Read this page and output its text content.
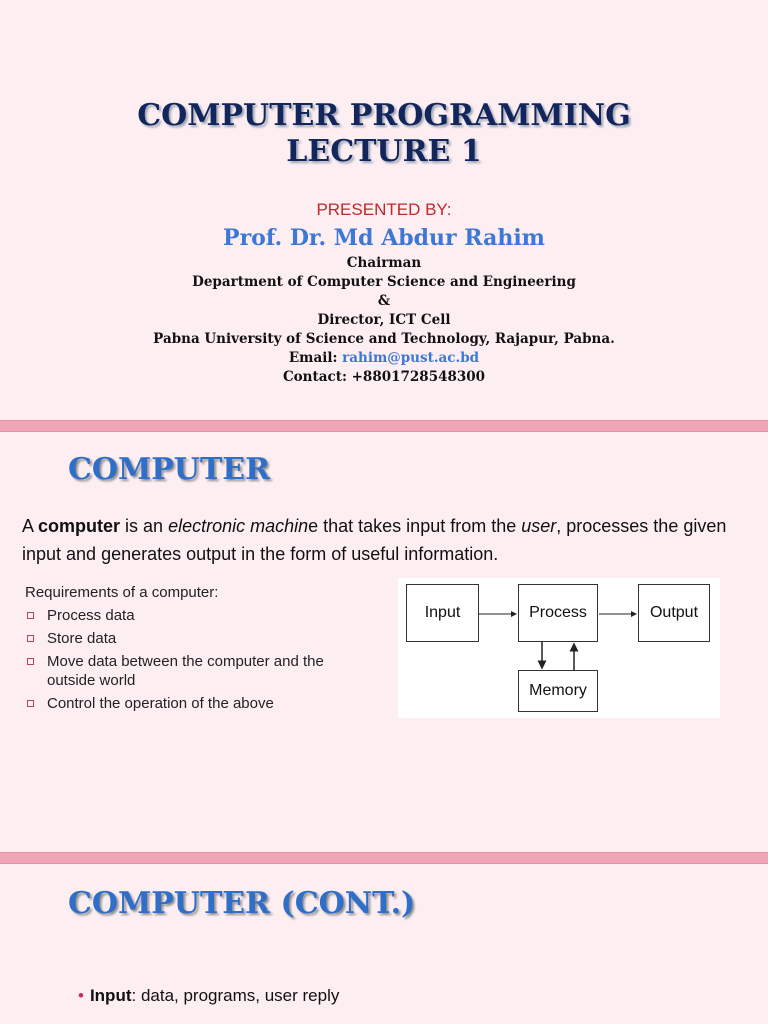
COMPUTER PROGRAMMING
LECTURE 1
PRESENTED BY:
Prof. Dr. Md Abdur Rahim
Chairman
Department of Computer Science and Engineering
&
Director, ICT Cell
Pabna University of Science and Technology, Rajapur, Pabna.
Email: rahim@pust.ac.bd
Contact: +8801728548300
COMPUTER
A computer is an electronic machine that takes input from the user, processes the given input and generates output in the form of useful information.
Requirements of a computer:
Process data
Store data
Move data between the computer and the outside world
Control the operation of the above
Input	Process	Output
Memory
COMPUTER (CONT.)
• Input: data, programs, user reply
